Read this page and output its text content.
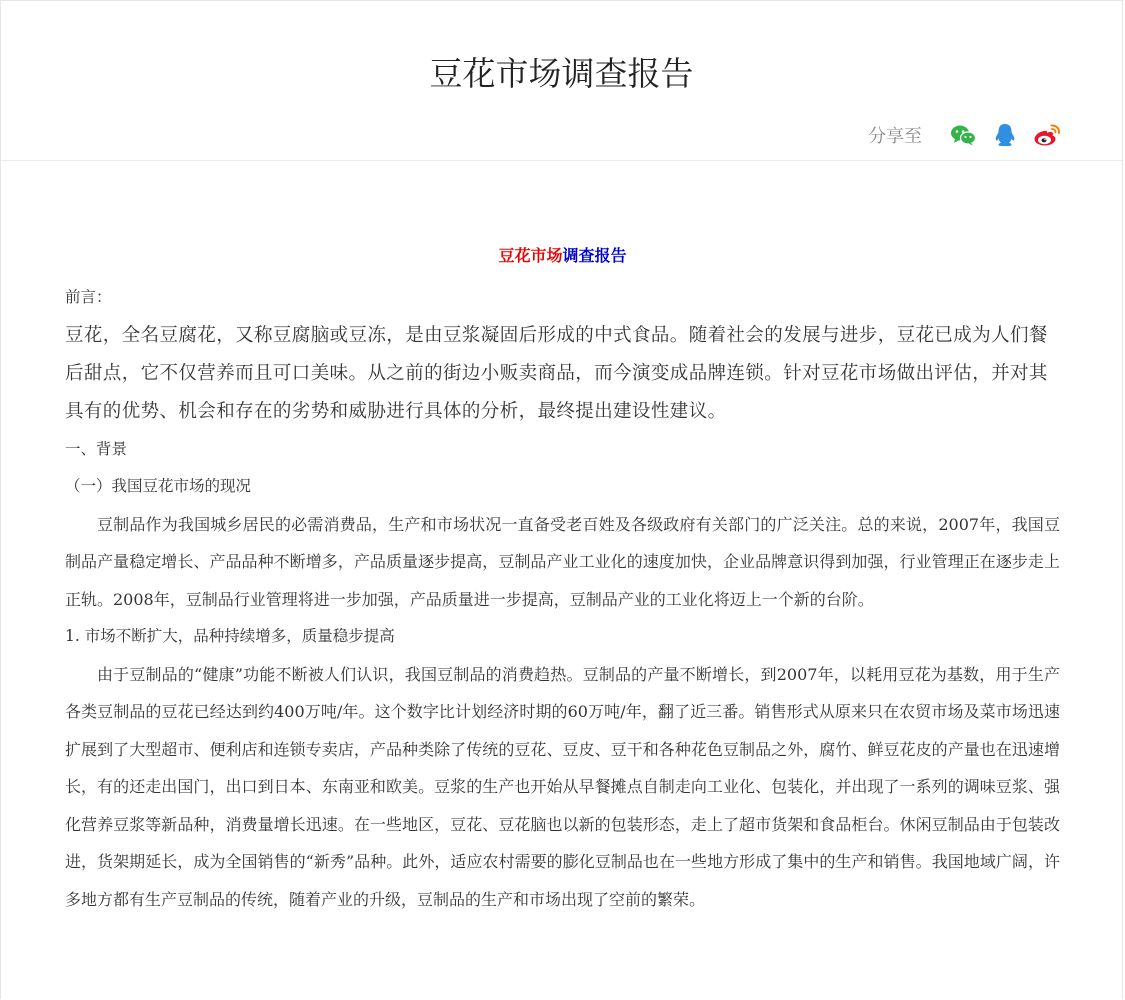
豆花市场调查报告
分享至
豆花市场调查报告

前言：

豆花，全名豆腐花，又称豆腐脑或豆冻，是由豆浆凝固后形成的中式食品。随着社会的发展与进步，豆花已成为人们餐后甜点，它不仅营养而且可口美味。从之前的街边小贩卖商品，而今演变成品牌连锁。针对豆花市场做出评估，并对其具有的优势、机会和存在的劣势和威胁进行具体的分析，最终提出建设性建议。

一、背景

（一）我国豆花市场的现况

豆制品作为我国城乡居民的必需消费品，生产和市场状况一直备受老百姓及各级政府有关部门的广泛关注。总的来说，2007年，我国豆制品产量稳定增长、产品品种不断增多，产品质量逐步提高，豆制品产业工业化的速度加快，企业品牌意识得到加强，行业管理正在逐步走上正轨。2008年，豆制品行业管理将进一步加强，产品质量进一步提高，豆制品产业的工业化将迈上一个新的台阶。

1. 市场不断扩大，品种持续增多，质量稳步提高

由于豆制品的“健康”功能不断被人们认识，我国豆制品的消费趋热。豆制品的产量不断增长，到2007年，以耗用豆花为基数，用于生产各类豆制品的豆花已经达到约400万吨/年。这个数字比计划经济时期的60万吨/年，翻了近三番。销售形式从原来只在农贸市场及菜市场迅速扩展到了大型超市、便利店和连锁专卖店，产品种类除了传统的豆花、豆皮、豆干和各种花色豆制品之外，腐竹、鲜豆花皮的产量也在迅速增长，有的还走出国门，出口到日本、东南亚和欧美。豆浆的生产也开始从早餐摊点自制走向工业化、包装化，并出现了一系列的调味豆浆、强化营养豆浆等新品种，消费量增长迅速。在一些地区，豆花、豆花脑也以新的包装形态，走上了超市货架和食品柜台。休闲豆制品由于包装改进，货架期延长，成为全国销售的“新秀”品种。此外，适应农村需要的膨化豆制品也在一些地方形成了集中的生产和销售。我国地域广阔，许多地方都有生产豆制品的传统，随着产业的升级，豆制品的生产和市场出现了空前的繁荣。
